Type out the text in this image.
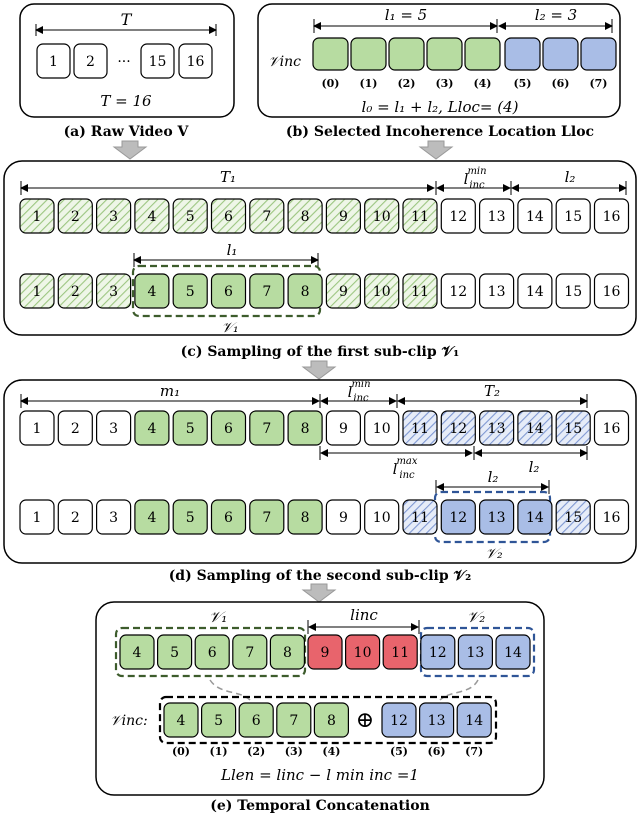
T
1 2 ··· 15 16
T = 16
(a) Raw Video V
l₁ = 5	l₂ = 3
𝒱inc
(0) (1) (2) (3) (4) (5) (6) (7)
l₀ = l₁ + l₂, Lloc= (4)
(b) Selected Incoherence Location Lloc
T₁	l min
inc	l₂
1 2 3 4 5 6 7 8 9 10 11 12 13 14 15 16
l₁
1 2 3 4 5 6 7 8 9 10 11 12 13 14 15 16
𝒱₁
(c) Sampling of the first sub-clip 𝒱₁
m₁	l min
inc	T₂
1 2 3 4 5 6 7 8 9 10 11 12 13 14 15 16
l max
inc	l₂
l₂
1 2 3 4 5 6 7 8 9 10 11 12 13 14 15 16
𝒱₂
(d) Sampling of the second sub-clip 𝒱₂
𝒱₁	linc	𝒱₂
4 5 6 7 8 9 10 11 12 13 14
𝒱inc: 4 5 6 7 8	12 13 14
⊕
(0) (1) (2) (3) (4)	(5) (6) (7)
Llen = linc − l min inc =1
(e) Temporal Concatenation
